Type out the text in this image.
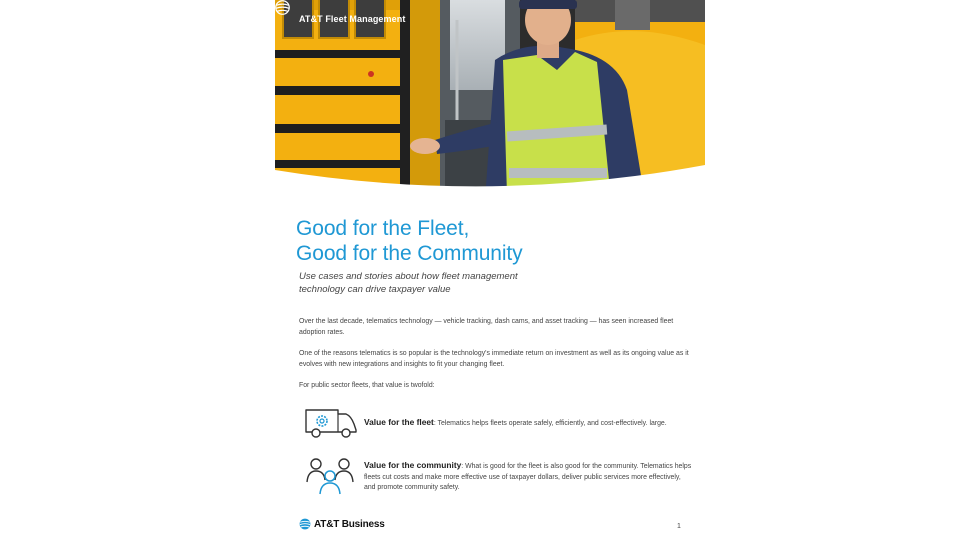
AT&T Fleet Management
Good for the Fleet,
Good for the Community
Use cases and stories about how fleet management
technology can drive taxpayer value
Over the last decade, telematics technology — vehicle tracking, dash cams, and asset tracking — has seen increased fleet adoption rates.
One of the reasons telematics is so popular is the technology's immediate return on investment as well as its ongoing value as it evolves with new integrations and insights to fit your changing fleet.
For public sector fleets, that value is twofold:
Value for the fleet: Telematics helps fleets operate safely, efficiently, and cost-effectively. large.
Value for the community: What is good for the fleet is also good for the community. Telematics helps fleets cut costs and make more effective use of taxpayer dollars, deliver public services more effectively, and promote community safety.
AT&T Business	1
